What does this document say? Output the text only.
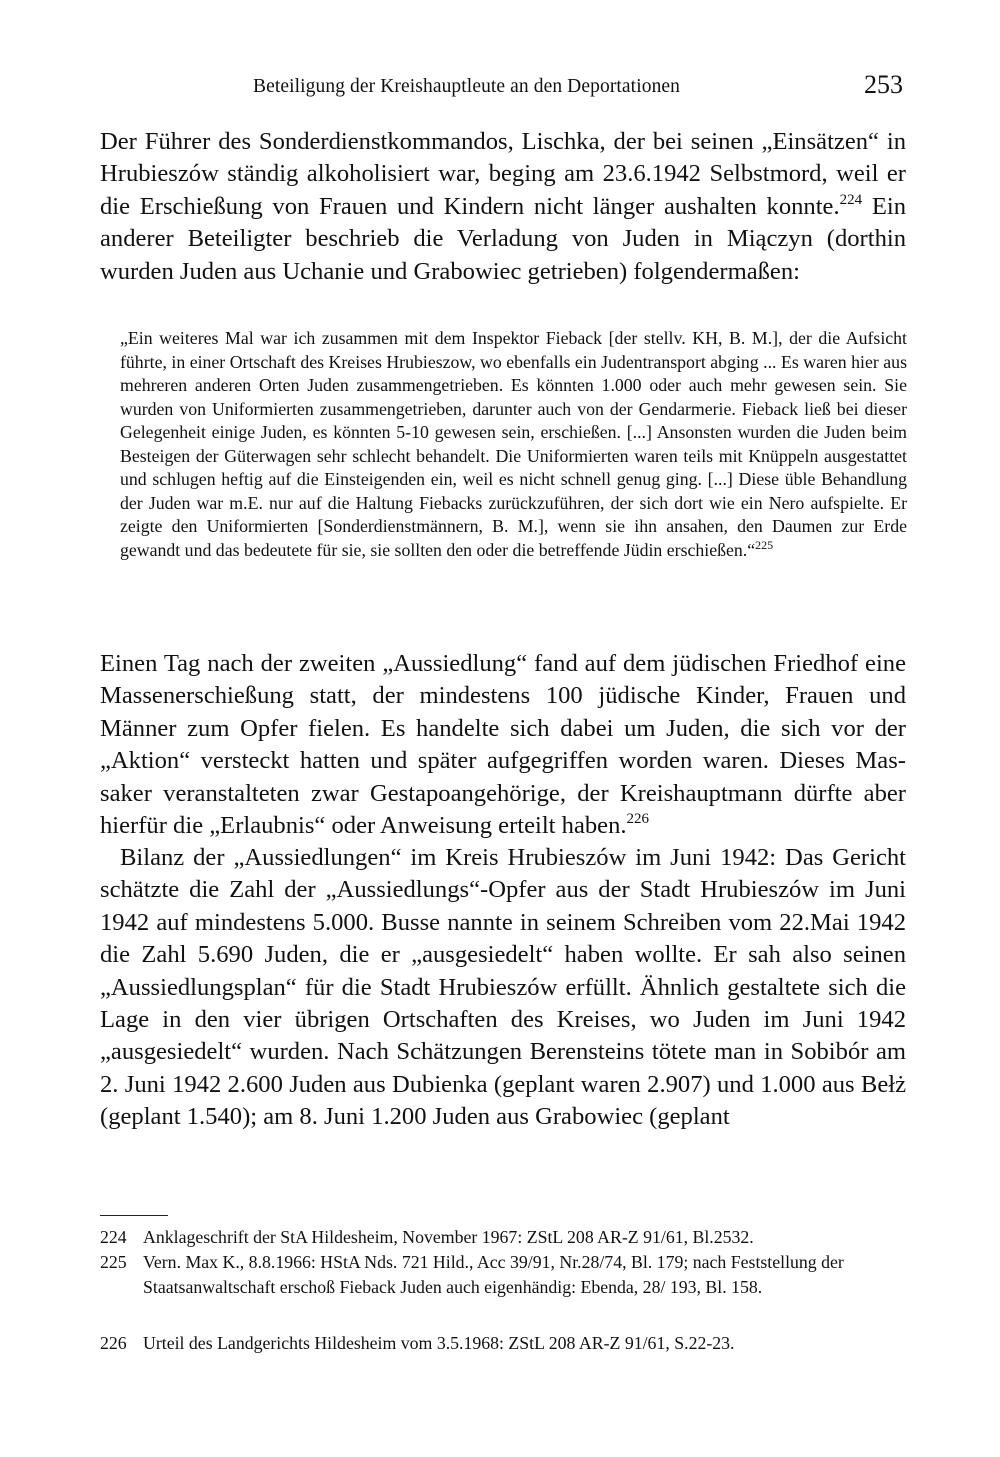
Beteiligung der Kreishauptleute an den Deportationen	253

Der Führer des Sonderdienstkommandos, Lischka, der bei seinen „Einsätzen“ in Hrubieszów ständig alkoholisiert war, beging am 23.6.1942 Selbstmord, weil er die Erschießung von Frauen und Kindern nicht länger aushalten konnte.$^{224}$ Ein anderer Beteiligter beschrieb die Verladung von Juden in Miączyn (dorthin wurden Juden aus Uchanie und Grabowiec getrieben) folgendermaßen:

„Ein weiteres Mal war ich zusammen mit dem Inspektor Fieback [der stellv. KH, B. M.], der die Aufsicht führte, in einer Ortschaft des Kreises Hrubieszow, wo ebenfalls ein Judentransport abging ... Es waren hier aus mehreren anderen Orten Juden zusammengetrieben. Es könnten 1.000 oder auch mehr gewesen sein. Sie wurden von Uniformierten zusammengetrieben, darunter auch von der Gendarmerie. Fieback ließ bei dieser Gelegenheit einige Juden, es könnten 5-10 gewesen sein, erschießen. [...] Ansonsten wurden die Juden beim Besteigen der Güterwagen sehr schlecht behandelt. Die Uniformierten waren teils mit Knüppeln ausgestattet und schlugen heftig auf die Einsteigenden ein, weil es nicht schnell genug ging. [...] Diese üble Behandlung der Juden war m.E. nur auf die Haltung Fiebacks zurückzuführen, der sich dort wie ein Nero aufspielte. Er zeigte den Uniformierten [Sonderdienstmännern, B. M.], wenn sie ihn ansahen, den Daumen zur Erde gewandt und das bedeutete für sie, sie sollten den oder die betreffende Jüdin erschießen.“$^{225}$

Einen Tag nach der zweiten „Aussiedlung“ fand auf dem jüdischen Friedhof eine Massenerschießung statt, der mindestens 100 jüdische Kinder, Frauen und Männer zum Opfer fielen. Es handelte sich dabei um Juden, die sich vor der „Aktion“ versteckt hatten und später aufgegriffen worden waren. Dieses Massaker veranstalteten zwar Gestapoangehörige, der Kreishauptmann dürfte aber hierfür die „Erlaubnis“ oder Anweisung erteilt haben.$^{226}$

Bilanz der „Aussiedlungen“ im Kreis Hrubieszów im Juni 1942: Das Gericht schätzte die Zahl der „Aussiedlungs“-Opfer aus der Stadt Hrubieszów im Juni 1942 auf mindestens 5.000. Busse nannte in seinem Schreiben vom 22.Mai 1942 die Zahl 5.690 Juden, die er „ausgesiedelt“ haben wollte. Er sah also seinen „Aussiedlungsplan“ für die Stadt Hrubieszów erfüllt. Ähnlich gestaltete sich die Lage in den vier übrigen Ortschaften des Kreises, wo Juden im Juni 1942 „ausgesiedelt“ wurden. Nach Schätzungen Berensteins tötete man in Sobibór am 2. Juni 1942 2.600 Juden aus Dubienka (geplant waren 2.907) und 1.000 aus Bełż (geplant 1.540); am 8. Juni 1.200 Juden aus Grabowiec (geplant

224 Anklageschrift der StA Hildesheim, November 1967: ZStL 208 AR-Z 91/61, Bl.2532.
225 Vern. Max K., 8.8.1966: HStA Nds. 721 Hild., Acc 39/91, Nr.28/74, Bl. 179; nach Feststellung der Staatsanwaltschaft erschoß Fieback Juden auch eigenhändig: Ebenda, 28/ 193, Bl. 158.
226 Urteil des Landgerichts Hildesheim vom 3.5.1968: ZStL 208 AR-Z 91/61, S.22-23.
